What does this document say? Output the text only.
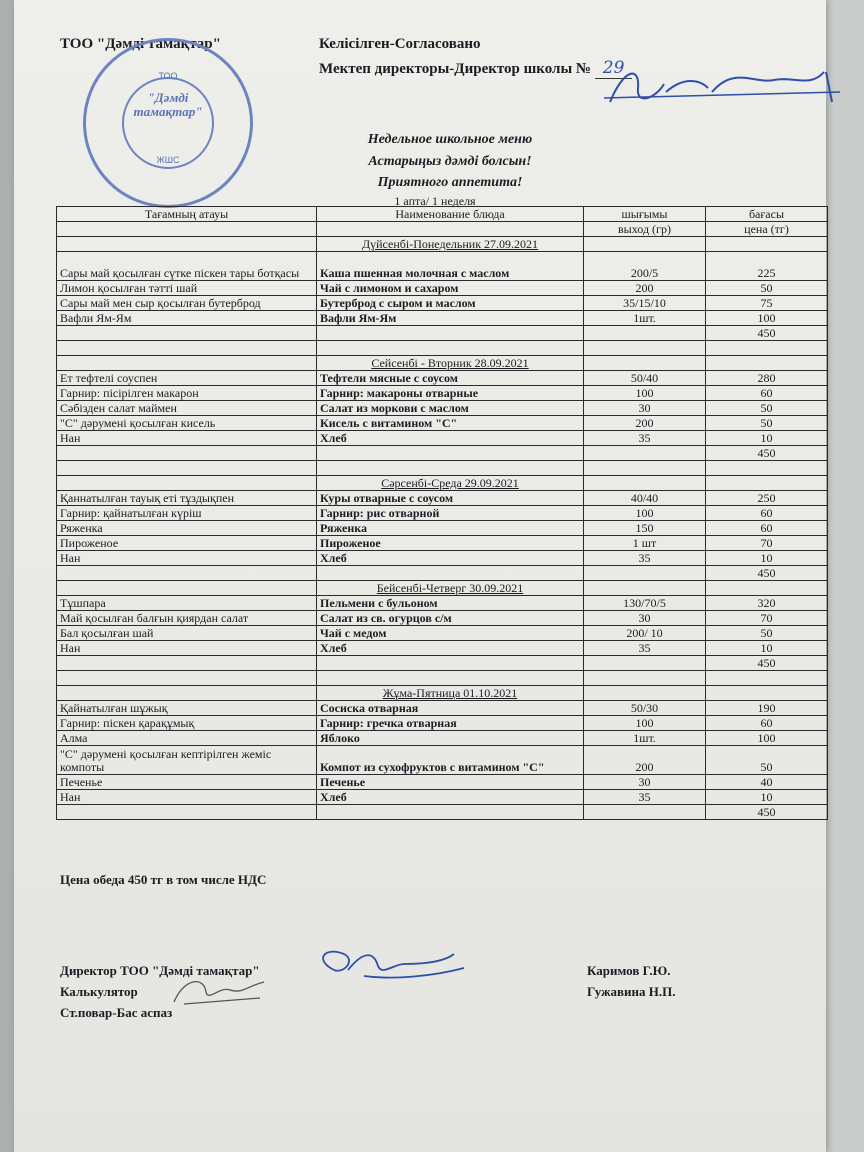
ТОО "Дәмді тамақтар"	Келісілген-Согласовано
Мектеп директоры-Директор школы № 29
ТОО
"Дәмді
тамақтар"
ЖШС
Недельное школьное меню
Астарыңыз дәмді болсын!
Приятного аппетита!
1 апта/ 1 неделя
Тағамның атауы	Наименование блюда	шығымы	бағасы
		выход (гр)	цена (тг)
	Дүйсенбі-Понедельник 27.09.2021		
Сары май қосылған сүтке піскен тары ботқасы	Каша пшенная молочная с маслом	200/5	225
Лимон қосылған тәтті шай	Чай с лимоном и сахаром	200	50
Сары май мен сыр қосылған бутерброд	Бутерброд с сыром и маслом	35/15/10	75
Вафли Ям-Ям	Вафли Ям-Ям	1шт.	100
			450

	Сейсенбі - Вторник 28.09.2021		
Ет тефтелі соуспен	Тефтели мясные с соусом	50/40	280
Гарнир: пісірілген макарон	Гарнир: макароны отварные	100	60
Сәбізден салат маймен	Салат из моркови с маслом	30	50
"С" дәрумені қосылған кисель	Кисель с витамином "С"	200	50
Нан	Хлеб	35	10
			450

	Сәрсенбі-Среда 29.09.2021		
Қаннатылған тауық еті тұздықпен	Куры отварные с соусом	40/40	250
Гарнир: қайнатылған күріш	Гарнир: рис отварной	100	60
Ряженка	Ряженка	150	60
Пироженое	Пироженое	1 шт	70
Нан	Хлеб	35	10
			450
	Бейсенбі-Четверг 30.09.2021		
Тұшпара	Пельмени с бульоном	130/70/5	320
Май қосылған балғын қиярдан салат	Салат из св. огурцов с/м	30	70
Бал қосылған шай	Чай с медом	200/ 10	50
Нан	Хлеб	35	10
			450

	Жұма-Пятница 01.10.2021		
Қайнатылған шұжық	Сосиска отварная	50/30	190
Гарнир: піскен қарақұмық	Гарнир: гречка отварная	100	60
Алма	Яблоко	1шт.	100
"С" дәрумені қосылған кептірілген жеміс компоты	Компот из сухофруктов с витамином "С"	200	50
Печенье	Печенье	30	40
Нан	Хлеб	35	10
			450
Цена обеда 450 тг в том числе НДС
Директор ТОО "Дәмді тамақтар"	Каримов Г.Ю.
Калькулятор	Гужавина Н.П.
Ст.повар-Бас аспаз
